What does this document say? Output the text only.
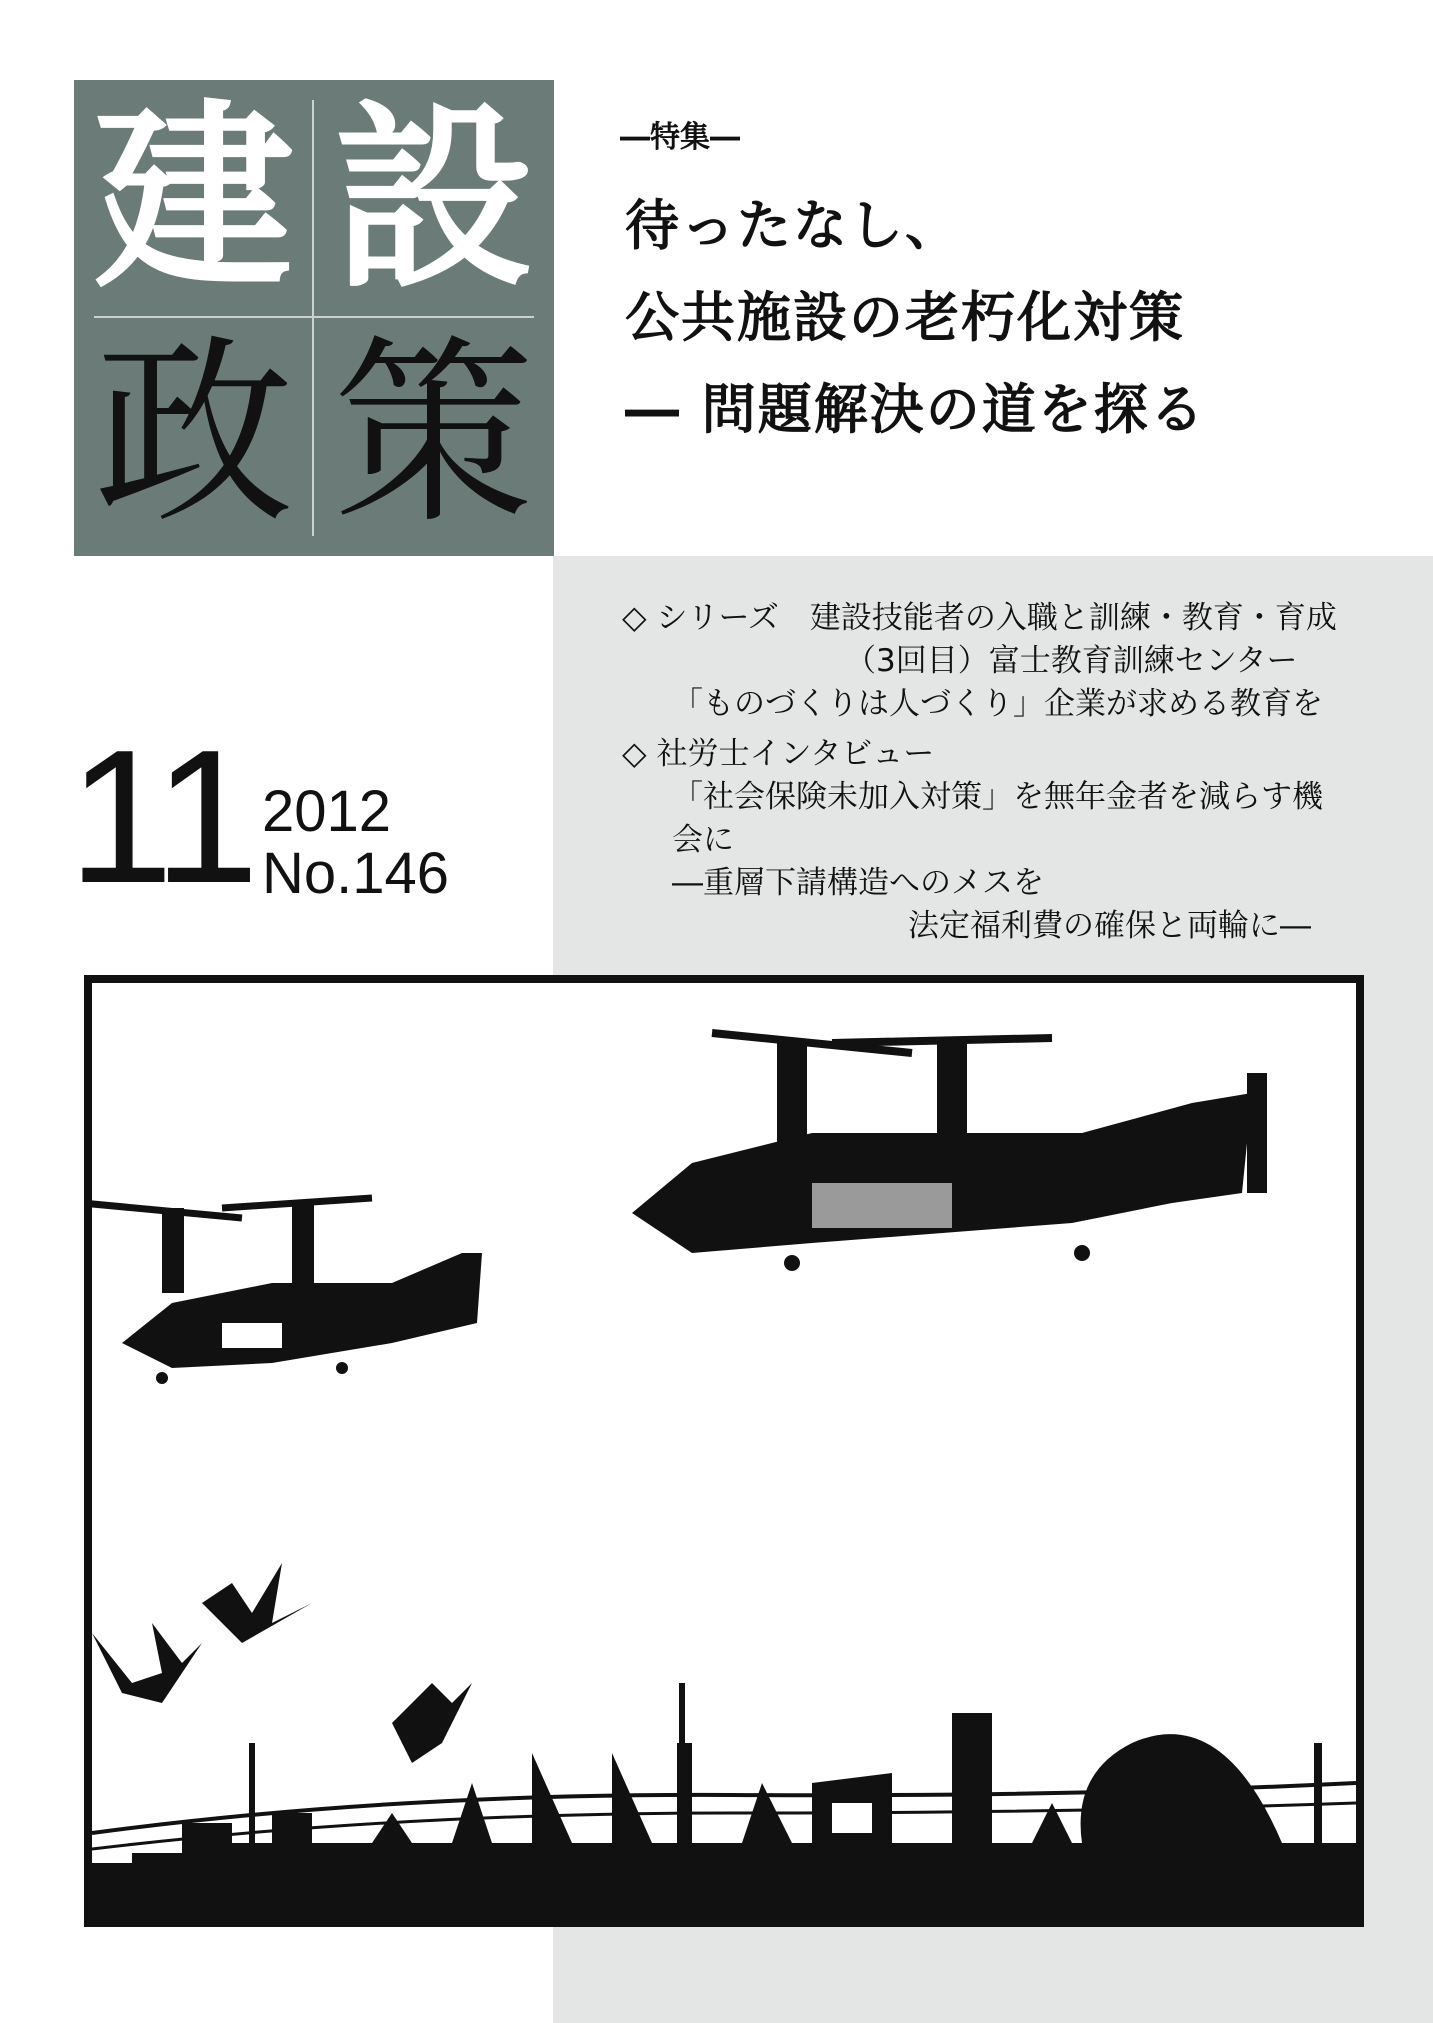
建 設
政 策
―特集―
待ったなし、
公共施設の老朽化対策
― 問題解決の道を探る
11 2012
No.146
◇ シリーズ　建設技能者の入職と訓練・教育・育成
（3回目）富士教育訓練センター
「ものづくりは人づくり」企業が求める教育を
◇ 社労士インタビュー
「社会保険未加入対策」を無年金者を減らす機
会に
―重層下請構造へのメスを
法定福利費の確保と両輪に―
H.S
